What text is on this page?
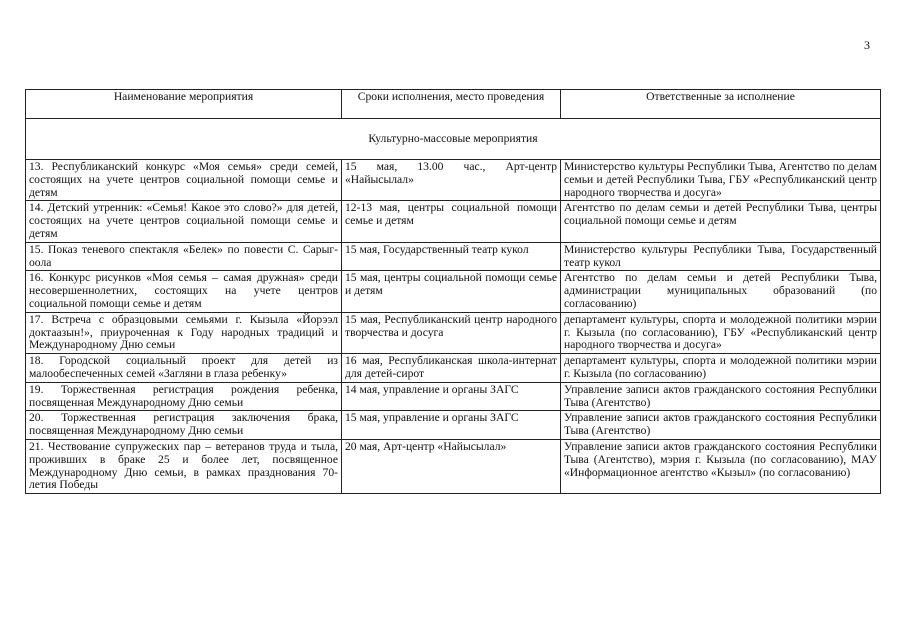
3
Наименование мероприятия	Сроки исполнения, место проведения	Ответственные за исполнение
Культурно-массовые мероприятия		
13. Республиканский конкурс «Моя семья» среди семей, состоящих на учете центров социальной помощи семье и детям	15 мая, 13.00 час., Арт-центр «Найысылал»	Министерство культуры Республики Тыва, Агентство по делам семьи и детей Республики Тыва, ГБУ «Республиканский центр народного творчества и досуга»
14. Детский утренник: «Семья! Какое это слово?» для детей, состоящих на учете центров социальной помощи семье и детям	12-13 мая, центры социальной помощи семье и детям	Агентство по делам семьи и детей Республики Тыва, центры социальной помощи семье и детям
15. Показ теневого спектакля «Белек» по повести С. Сарыг-оола	15 мая, Государственный театр кукол	Министерство культуры Республики Тыва, Государственный театр кукол
16. Конкурс рисунков «Моя семья – самая дружная» среди несовершеннолетних, состоящих на учете центров социальной помощи семье и детям	15 мая, центры социальной помощи семье и детям	Агентство по делам семьи и детей Республики Тыва, администрации муниципальных образований (по согласованию)
17. Встреча с образцовыми семьями г. Кызыла «Йорээл доктаазын!», приуроченная к Году народных традиций и Международному Дню семьи	15 мая, Республиканский центр народного творчества и досуга	департамент культуры, спорта и молодежной политики мэрии г. Кызыла (по согласованию), ГБУ «Республиканский центр народного творчества и досуга»
18. Городской социальный проект для детей из малообеспеченных семей «Загляни в глаза ребенку»	16 мая, Республиканская школа-интернат для детей-сирот	департамент культуры, спорта и молодежной политики мэрии г. Кызыла (по согласованию)
19. Торжественная регистрация рождения ребенка, посвященная Международному Дню семьи	14 мая, управление и органы ЗАГС	Управление записи актов гражданского состояния Республики Тыва (Агентство)
20. Торжественная регистрация заключения брака, посвященная Международному Дню семьи	15 мая, управление и органы ЗАГС	Управление записи актов гражданского состояния Республики Тыва (Агентство)
21. Чествование супружеских пар – ветеранов труда и тыла, проживших в браке 25 и более лет, посвященное Международному Дню семьи, в рамках празднования 70-летия Победы	20 мая, Арт-центр «Найысылал»	Управление записи актов гражданского состояния Республики Тыва (Агентство), мэрия г. Кызыла (по согласованию), МАУ «Информационное агентство «Кызыл» (по согласованию)
